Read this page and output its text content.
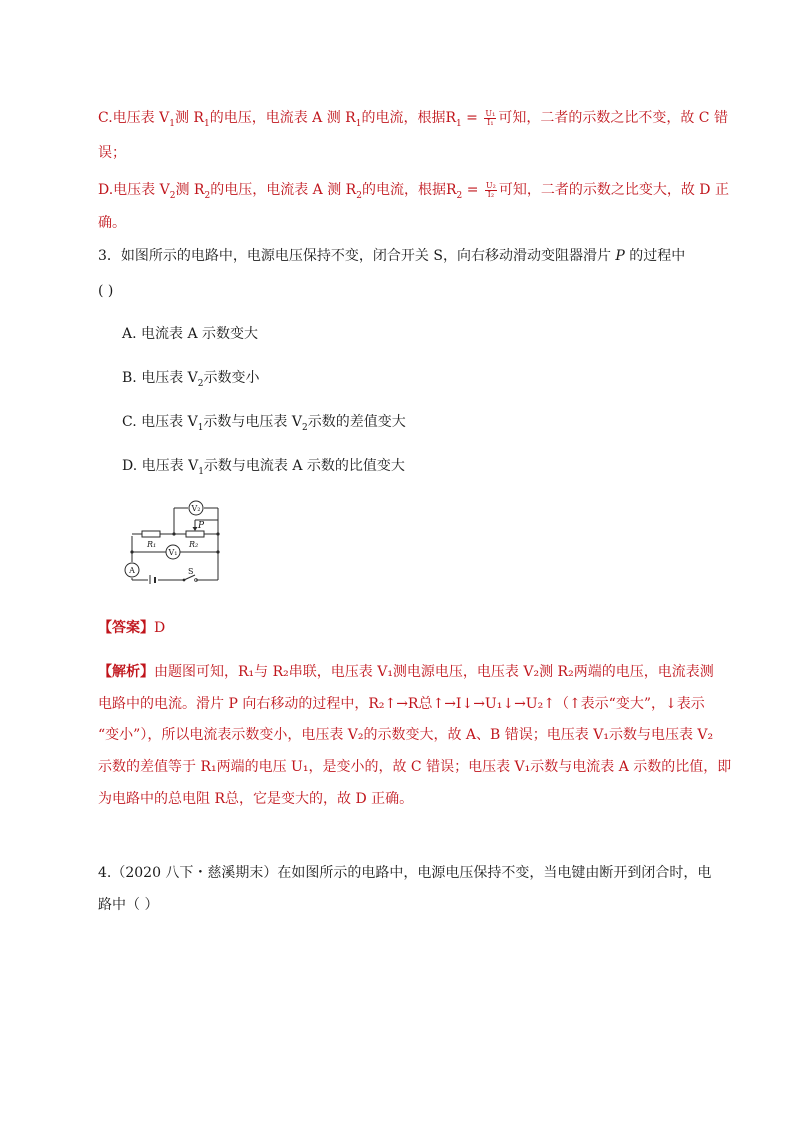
C.电压表 $V_1$测 $R_1$的电压，电流表 A 测 $R_1$的电流，根据$R_1 = \frac{\text{U₁}}{\text{I₁}}$ 可知，二者的示数之比不变，故 C 错
误；
D.电压表 $V_2$测 $R_2$的电压，电流表 A 测 $R_2$的电流，根据$R_2 = \frac{\text{U₂}}{\text{I₂}}$ 可知，二者的示数之比变大，故 D 正
确。
3．如图所示的电路中，电源电压保持不变，闭合开关 S，向右移动滑动变阻器滑片 P 的过程中
( )
A. 电流表 A 示数变大
B. 电压表 $V_2$示数变小
C. 电压表 $V_1$示数与电压表 $V_2$示数的差值变大
D. 电压表 $V_1$示数与电流表 A 示数的比值变大
V₂
V₁
A
P
R₁	R₂
S
【答案】D
【解析】由题图可知，R₁与 R₂串联，电压表 V₁测电源电压，电压表 V₂测 R₂两端的电压，电流表测
电路中的电流。滑片 P 向右移动的过程中，R₂↑→R总↑→I↓→U₁↓→U₂↑（↑表示“变大”，↓表示
“变小”），所以电流表示数变小，电压表 V₂的示数变大，故 A、B 错误；电压表 V₁示数与电压表 V₂
示数的差值等于 R₁两端的电压 U₁，是变小的，故 C 错误；电压表 V₁示数与电流表 A 示数的比值，即
为电路中的总电阻 R总，它是变大的，故 D 正确。
4.（2020 八下・慈溪期末）在如图所示的电路中，电源电压保持不变，当电键由断开到闭合时，电
路中（ ）
